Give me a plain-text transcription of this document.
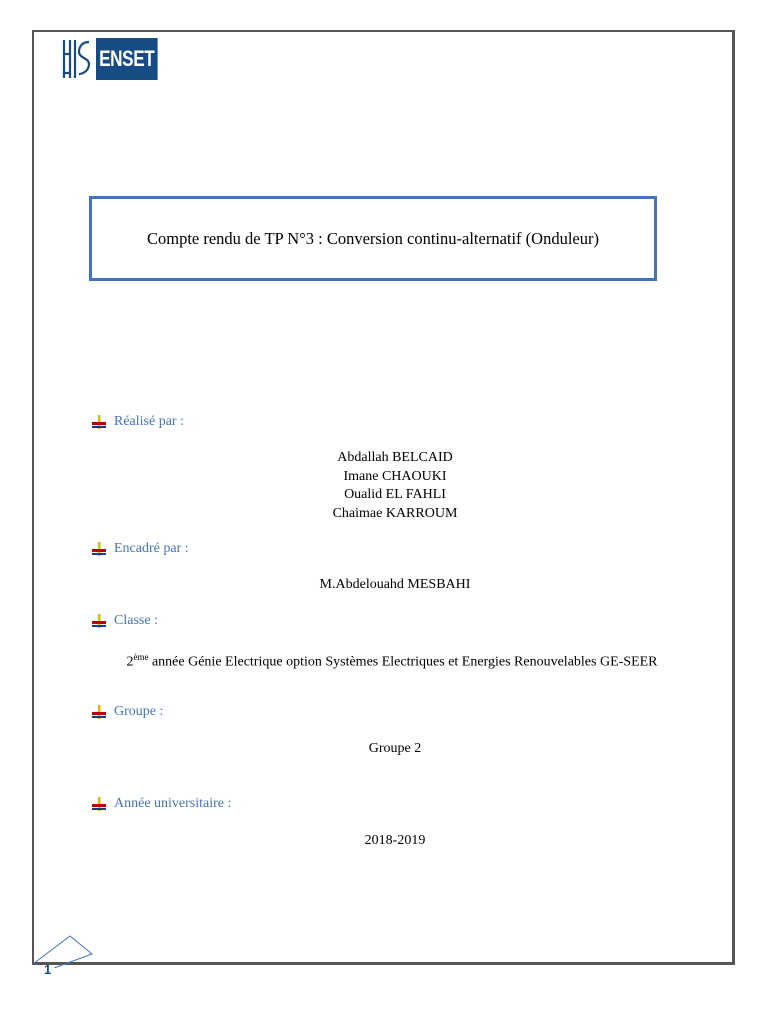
ENSET
Compte rendu de TP N°3 : Conversion continu-alternatif (Onduleur)
Réalisé par :
Abdallah BELCAID
Imane CHAOUKI
Oualid EL FAHLI
Chaimae KARROUM
Encadré par :
M.Abdelouahd MESBAHI
Classe :
2ème année Génie Electrique option Systèmes Electriques et Energies Renouvelables GE-SEER
Groupe :
Groupe 2
Année universitaire :
2018-2019
1
